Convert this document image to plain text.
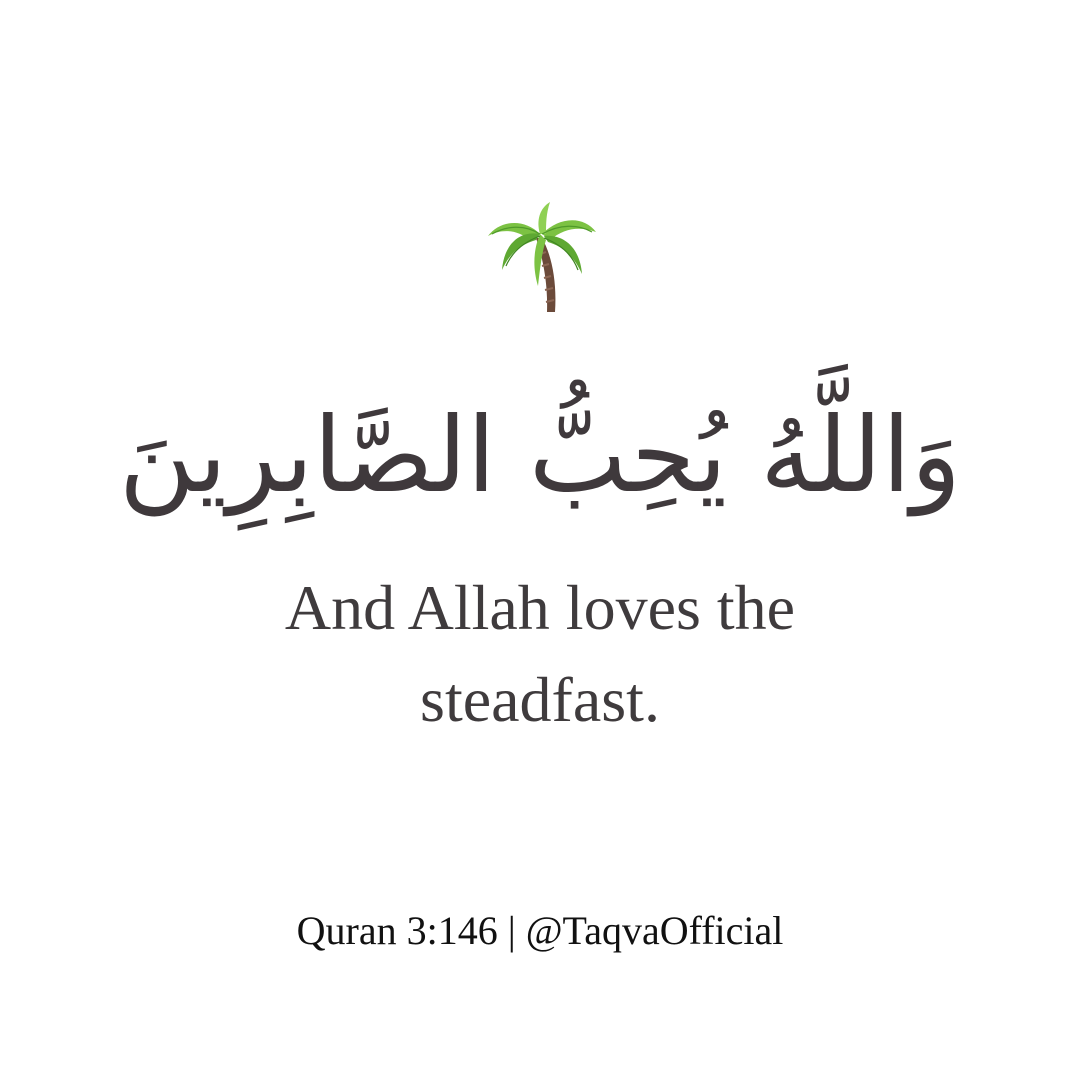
وَاللَّهُ يُحِبُّ الصَّابِرِينَ
And Allah loves the steadfast.
Quran 3:146 | @TaqvaOfficial
